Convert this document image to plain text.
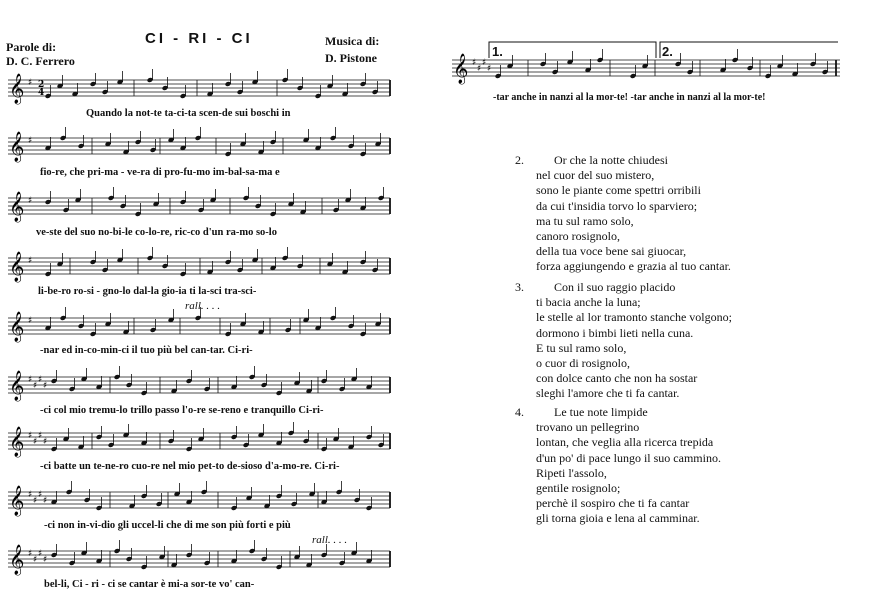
Parole di:
D. C. Ferrero
CI - RI - CI	Musica di:
D. Pistone
𝄞 ♯ 2
4
𝄞 ♯
𝄞 ♯
𝄞 ♯
𝄞 ♯
𝄞 ♯
♯
♯
♯
𝄞 ♯
♯
♯
♯
𝄞 ♯
♯
♯
♯
𝄞 ♯
♯
♯
♯
𝄞 ♯
♯
♯
♯
Quando la not-te ta-ci-ta scen-de sui boschi in
fio-re, che pri-ma - ve-ra di pro-fu-mo im-bal-sa-ma e
ve-ste del suo no-bi-le co-lo-re, ric-co d'un ra-mo so-lo
li-be-ro ro-si - gno-lo dal-la gio-ia ti la-sci tra-sci-
-nar ed in-co-min-ci il tuo più bel can-tar. Ci-ri-
-ci col mio tremu-lo trillo passo l'o-re se-reno e tranquillo Ci-ri-
-ci batte un te-ne-ro cuo-re nel mio pet-to de-sioso d'a-mo-re. Ci-ri-
-ci non in-vi-dio gli uccel-li che di me son più forti e più
bel-li, Ci - ri - ci se cantar è mi-a sor-te vo' can-
rall. . . .
rall. . . .
1.	2.
-tar anche in nanzi al la mor-te! -tar anche in nanzi al la mor-te!
2.	Or che la notte chiudesi
nel cuor del suo mistero,
sono le piante come spettri orribili
da cui t'insidia torvo lo sparviero;
ma tu sul ramo solo,
canoro rosignolo,
della tua voce bene sai giuocar,
forza aggiungendo e grazia al tuo cantar.
3.	Con il suo raggio placido
ti bacia anche la luna;
le stelle al lor tramonto stanche volgono;
dormono i bimbi lieti nella cuna.
E tu sul ramo solo,
o cuor di rosignolo,
con dolce canto che non ha sostar
sleghi l'amore che ti fa cantar.
4.	Le tue note limpide
trovano un pellegrino
lontan, che veglia alla ricerca trepida
d'un po' di pace lungo il suo cammino.
Ripeti l'assolo,
gentile rosignolo;
perchè il sospiro che ti fa cantar
gli torna gioia e lena al camminar.
